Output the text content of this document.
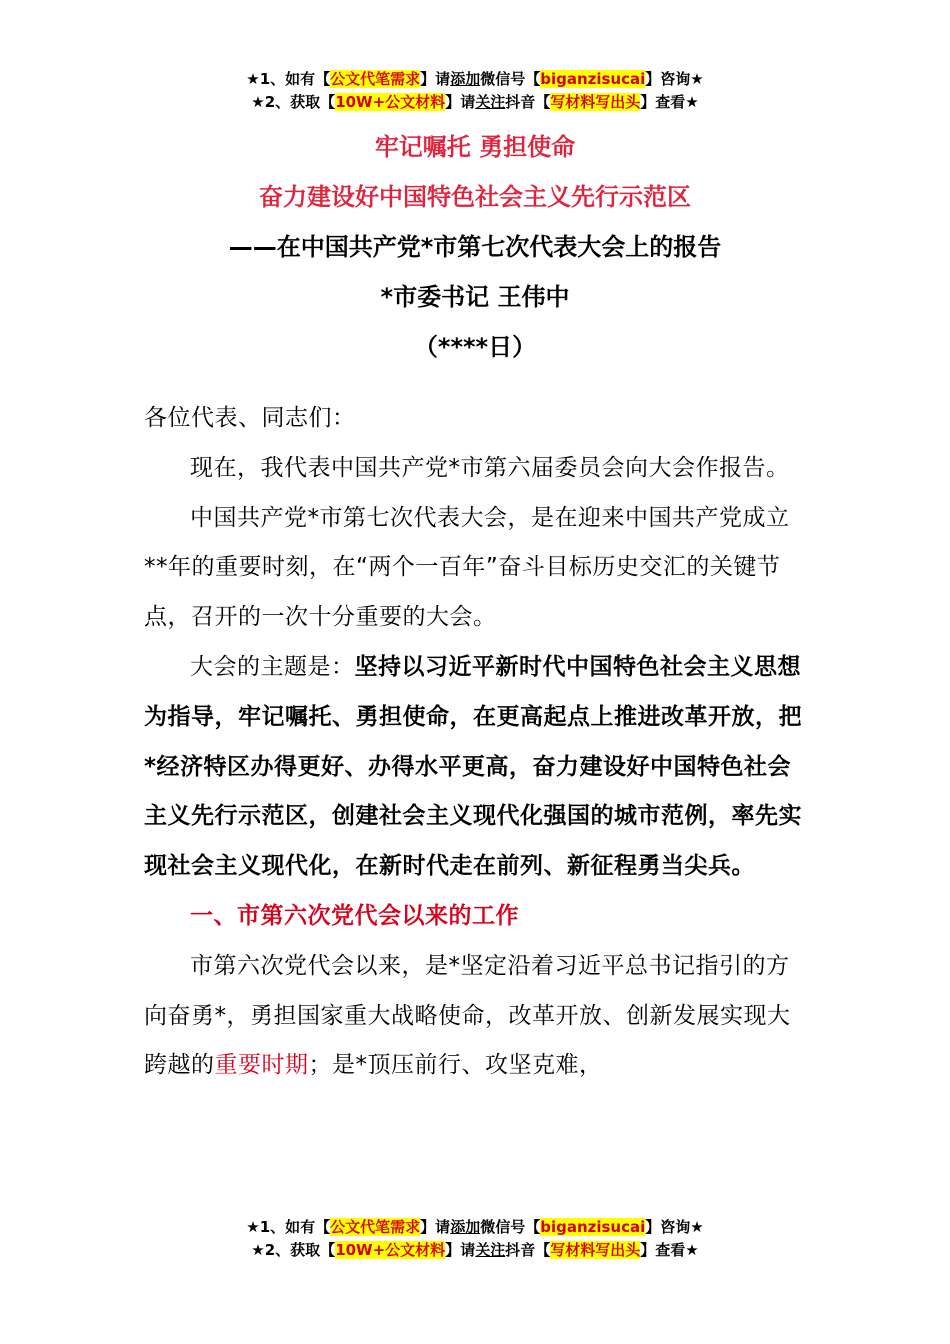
★1、如有【公文代笔需求】请添加微信号【biganzisucai】咨询★
★2、获取【10W+公文材料】请关注抖音【写材料写出头】查看★
牢记嘱托 勇担使命
奋力建设好中国特色社会主义先行示范区
——在中国共产党*市第七次代表大会上的报告
*市委书记 王伟中
（****日）

各位代表、同志们：

现在，我代表中国共产党*市第六届委员会向大会作报告。

中国共产党*市第七次代表大会，是在迎来中国共产党成立**年的重要时刻，在“两个一百年”奋斗目标历史交汇的关键节点，召开的一次十分重要的大会。

大会的主题是：坚持以习近平新时代中国特色社会主义思想为指导，牢记嘱托、勇担使命，在更高起点上推进改革开放，把*经济特区办得更好、办得水平更高，奋力建设好中国特色社会主义先行示范区，创建社会主义现代化强国的城市范例，率先实现社会主义现代化，在新时代走在前列、新征程勇当尖兵。

一、市第六次党代会以来的工作

市第六次党代会以来，是*坚定沿着习近平总书记指引的方向奋勇*，勇担国家重大战略使命，改革开放、创新发展实现大跨越的重要时期；是*顶压前行、攻坚克难，

★1、如有【公文代笔需求】请添加微信号【biganzisucai】咨询★
★2、获取【10W+公文材料】请关注抖音【写材料写出头】查看★
